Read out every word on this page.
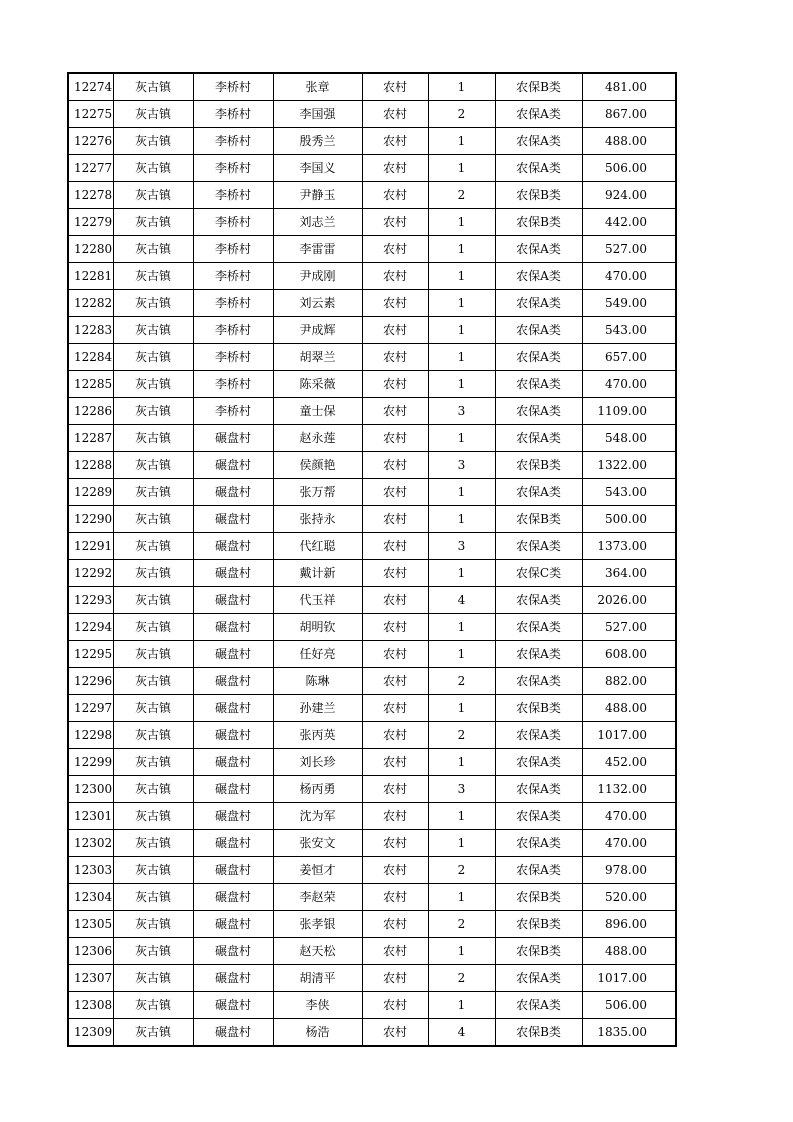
12274	灰古镇	李桥村	张章	农村	1	农保B类	481.00
12275	灰古镇	李桥村	李国强	农村	2	农保A类	867.00
12276	灰古镇	李桥村	殷秀兰	农村	1	农保A类	488.00
12277	灰古镇	李桥村	李国义	农村	1	农保A类	506.00
12278	灰古镇	李桥村	尹静玉	农村	2	农保B类	924.00
12279	灰古镇	李桥村	刘志兰	农村	1	农保B类	442.00
12280	灰古镇	李桥村	李雷雷	农村	1	农保A类	527.00
12281	灰古镇	李桥村	尹成刚	农村	1	农保A类	470.00
12282	灰古镇	李桥村	刘云素	农村	1	农保A类	549.00
12283	灰古镇	李桥村	尹成辉	农村	1	农保A类	543.00
12284	灰古镇	李桥村	胡翠兰	农村	1	农保A类	657.00
12285	灰古镇	李桥村	陈采薇	农村	1	农保A类	470.00
12286	灰古镇	李桥村	童士保	农村	3	农保A类	1109.00
12287	灰古镇	碾盘村	赵永莲	农村	1	农保A类	548.00
12288	灰古镇	碾盘村	侯颜艳	农村	3	农保B类	1322.00
12289	灰古镇	碾盘村	张万帮	农村	1	农保A类	543.00
12290	灰古镇	碾盘村	张持永	农村	1	农保B类	500.00
12291	灰古镇	碾盘村	代红聪	农村	3	农保A类	1373.00
12292	灰古镇	碾盘村	戴计新	农村	1	农保C类	364.00
12293	灰古镇	碾盘村	代玉祥	农村	4	农保A类	2026.00
12294	灰古镇	碾盘村	胡明钦	农村	1	农保A类	527.00
12295	灰古镇	碾盘村	任好亮	农村	1	农保A类	608.00
12296	灰古镇	碾盘村	陈琳	农村	2	农保A类	882.00
12297	灰古镇	碾盘村	孙建兰	农村	1	农保B类	488.00
12298	灰古镇	碾盘村	张丙英	农村	2	农保A类	1017.00
12299	灰古镇	碾盘村	刘长珍	农村	1	农保A类	452.00
12300	灰古镇	碾盘村	杨丙勇	农村	3	农保A类	1132.00
12301	灰古镇	碾盘村	沈为军	农村	1	农保A类	470.00
12302	灰古镇	碾盘村	张安文	农村	1	农保A类	470.00
12303	灰古镇	碾盘村	姜恒才	农村	2	农保A类	978.00
12304	灰古镇	碾盘村	李赵荣	农村	1	农保B类	520.00
12305	灰古镇	碾盘村	张孝银	农村	2	农保B类	896.00
12306	灰古镇	碾盘村	赵天松	农村	1	农保B类	488.00
12307	灰古镇	碾盘村	胡清平	农村	2	农保A类	1017.00
12308	灰古镇	碾盘村	李侠	农村	1	农保A类	506.00
12309	灰古镇	碾盘村	杨浩	农村	4	农保B类	1835.00
